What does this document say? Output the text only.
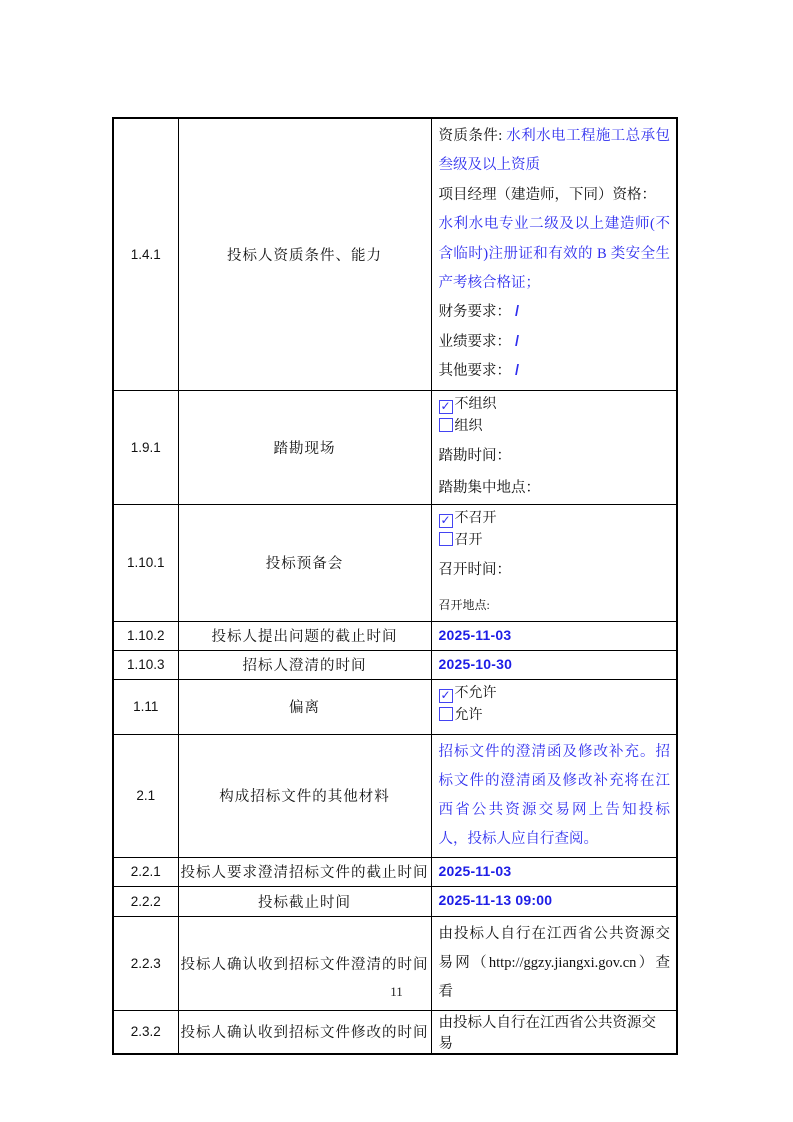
1.4.1	投标人资质条件、能力	
资质条件: 水利水电工程施工总承包叁级及以上资质
项目经理（建造师，下同）资格：
水利水电专业二级及以上建造师(不含临时)注册证和有效的 B 类安全生产考核合格证；
财务要求： /
业绩要求： /
其他要求： /

1.9.1	踏勘现场	✓ 不组织
组织
踏勘时间：
踏勘集中地点：

1.10.1	投标预备会	✓ 不召开
召开
召开时间：
召开地点:

1.10.2	投标人提出问题的截止时间	2025-11-03
1.10.3	招标人澄清的时间	2025-10-30
1.11	偏离	✓ 不允许
允许

2.1	构成招标文件的其他材料	招标文件的澄清函及修改补充。招标文件的澄清函及修改补充将在江西省公共资源交易网上告知投标人，投标人应自行查阅。

2.2.1	投标人要求澄清招标文件的截止时间	2025-11-03
2.2.2	投标截止时间	2025-11-13 09:00
2.2.3	投标人确认收到招标文件澄清的时间	由投标人自行在江西省公共资源交易网（http://ggzy.jiangxi.gov.cn）查看

2.3.2	投标人确认收到招标文件修改的时间	由投标人自行在江西省公共资源交易
11
